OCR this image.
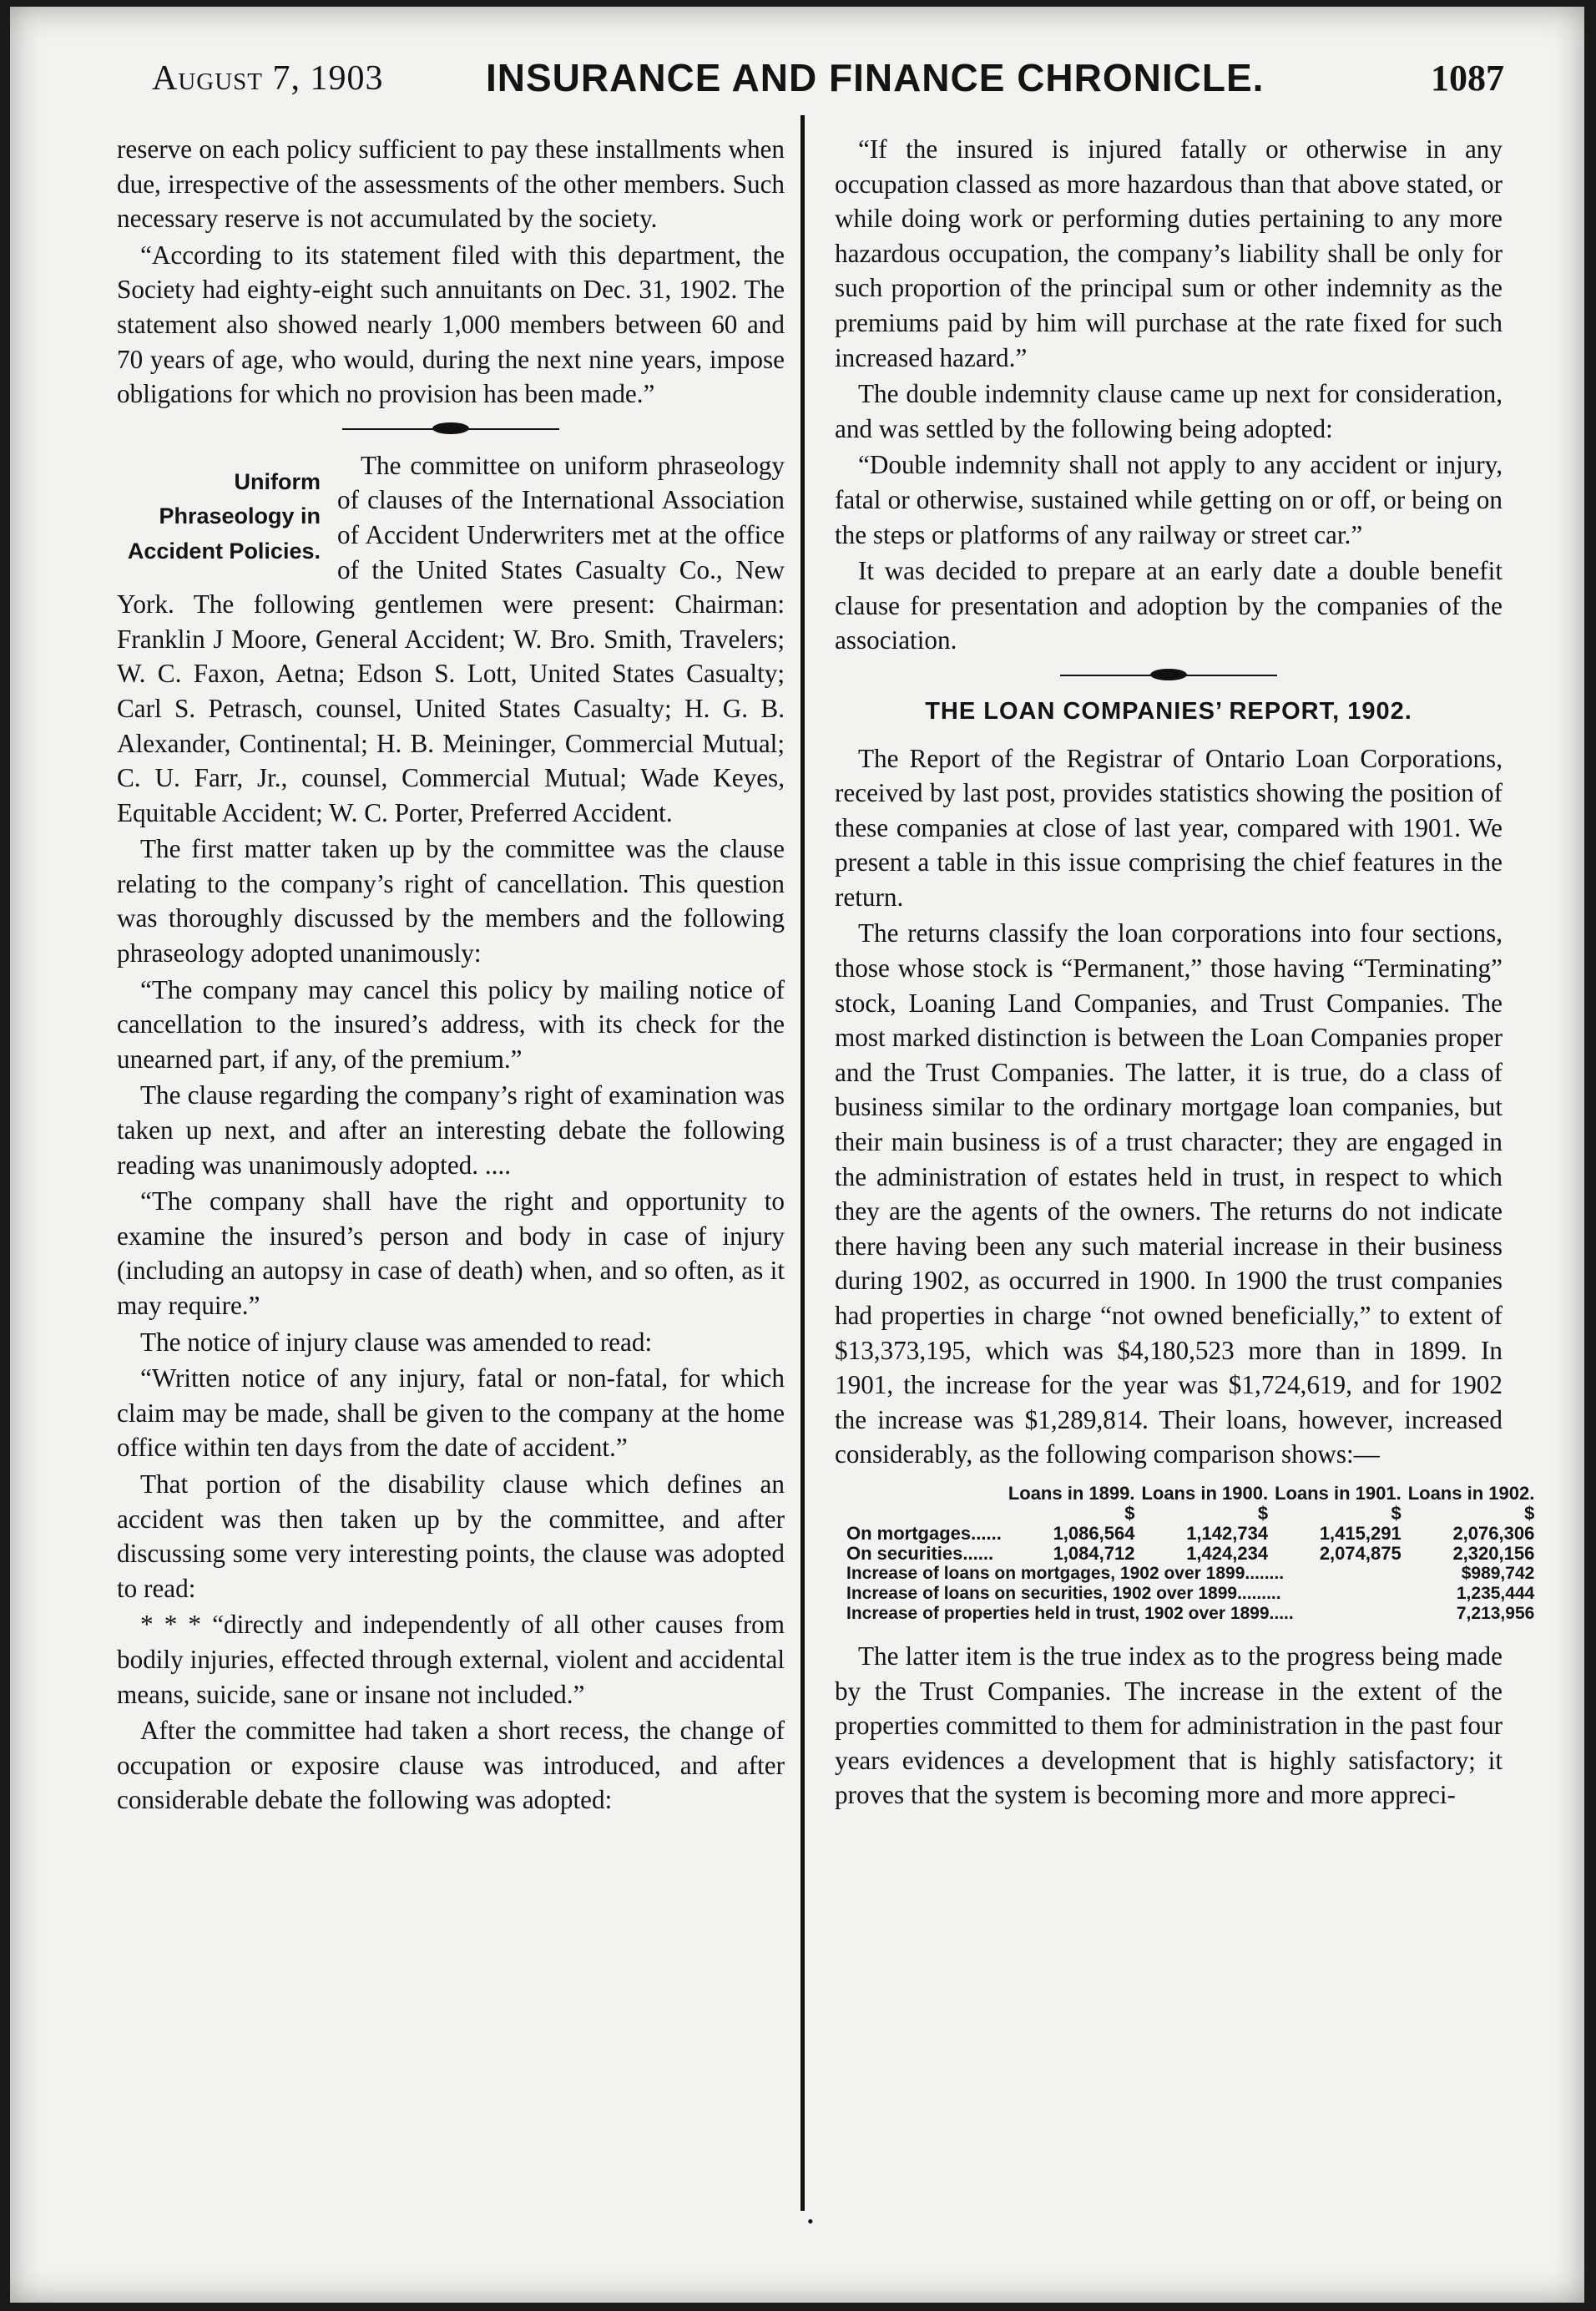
August 7, 1903	INSURANCE AND FINANCE CHRONICLE.	1087

reserve on each policy sufficient to pay these installments when due, irrespective of the assessments of the other members. Such necessary reserve is not accumulated by the society.

“According to its statement filed with this department, the Society had eighty-eight such annuitants on Dec. 31, 1902. The statement also showed nearly 1,000 members between 60 and 70 years of age, who would, during the next nine years, impose obligations for which no provision has been made.”

Uniform Phraseology in Accident Policies.

The committee on uniform phraseology of clauses of the International Association of Accident Underwriters met at the office of the United States Casualty Co., New York. The following gentlemen were present: Chairman: Franklin J Moore, General Accident; W. Bro. Smith, Travelers; W. C. Faxon, Aetna; Edson S. Lott, United States Casualty; Carl S. Petrasch, counsel, United States Casualty; H. G. B. Alexander, Continental; H. B. Meininger, Commercial Mutual; C. U. Farr, Jr., counsel, Commercial Mutual; Wade Keyes, Equitable Accident; W. C. Porter, Preferred Accident.

The first matter taken up by the committee was the clause relating to the company’s right of cancellation. This question was thoroughly discussed by the members and the following phraseology adopted unanimously:

“The company may cancel this policy by mailing notice of cancellation to the insured’s address, with its check for the unearned part, if any, of the premium.”

The clause regarding the company’s right of examination was taken up next, and after an interesting debate the following reading was unanimously adopted. ....

“The company shall have the right and opportunity to examine the insured’s person and body in case of injury (including an autopsy in case of death) when, and so often, as it may require.”

The notice of injury clause was amended to read:

“Written notice of any injury, fatal or non-fatal, for which claim may be made, shall be given to the company at the home office within ten days from the date of accident.”

That portion of the disability clause which defines an accident was then taken up by the committee, and after discussing some very interesting points, the clause was adopted to read:

* * * “directly and independently of all other causes from bodily injuries, effected through external, violent and accidental means, suicide, sane or insane not included.”

After the committee had taken a short recess, the change of occupation or exposire clause was introduced, and after considerable debate the following was adopted:

“If the insured is injured fatally or otherwise in any occupation classed as more hazardous than that above stated, or while doing work or performing duties pertaining to any more hazardous occupation, the company’s liability shall be only for such proportion of the principal sum or other indemnity as the premiums paid by him will purchase at the rate fixed for such increased hazard.”

The double indemnity clause came up next for consideration, and was settled by the following being adopted:

“Double indemnity shall not apply to any accident or injury, fatal or otherwise, sustained while getting on or off, or being on the steps or platforms of any railway or street car.”

It was decided to prepare at an early date a double benefit clause for presentation and adoption by the companies of the association.

THE LOAN COMPANIES’ REPORT, 1902.

The Report of the Registrar of Ontario Loan Corporations, received by last post, provides statistics showing the position of these companies at close of last year, compared with 1901. We present a table in this issue comprising the chief features in the return.

The returns classify the loan corporations into four sections, those whose stock is “Permanent,” those having “Terminating” stock, Loaning Land Companies, and Trust Companies. The most marked distinction is between the Loan Companies proper and the Trust Companies. The latter, it is true, do a class of business similar to the ordinary mortgage loan companies, but their main business is of a trust character; they are engaged in the administration of estates held in trust, in respect to which they are the agents of the owners. The returns do not indicate there having been any such material increase in their business during 1902, as occurred in 1900. In 1900 the trust companies had properties in charge “not owned beneficially,” to extent of $13,373,195, which was $4,180,523 more than in 1899. In 1901, the increase for the year was $1,724,619, and for 1902 the increase was $1,289,814. Their loans, however, increased considerably, as the following comparison shows:—

	Loans in 1899.	Loans in 1900.	Loans in 1901.	Loans in 1902.
	$	$	$	$
On mortgages......	1,086,564	1,142,734	1,415,291	2,076,306
On securities......	1,084,712	1,424,234	2,074,875	2,320,156
Increase of loans on mortgages, 1902 over 1899........				$989,742
Increase of loans on securities, 1902 over 1899.........				1,235,444
Increase of properties held in trust, 1902 over 1899.....				7,213,956

The latter item is the true index as to the progress being made by the Trust Companies. The increase in the extent of the properties committed to them for administration in the past four years evidences a development that is highly satisfactory; it proves that the system is becoming more and more appreci-

•
